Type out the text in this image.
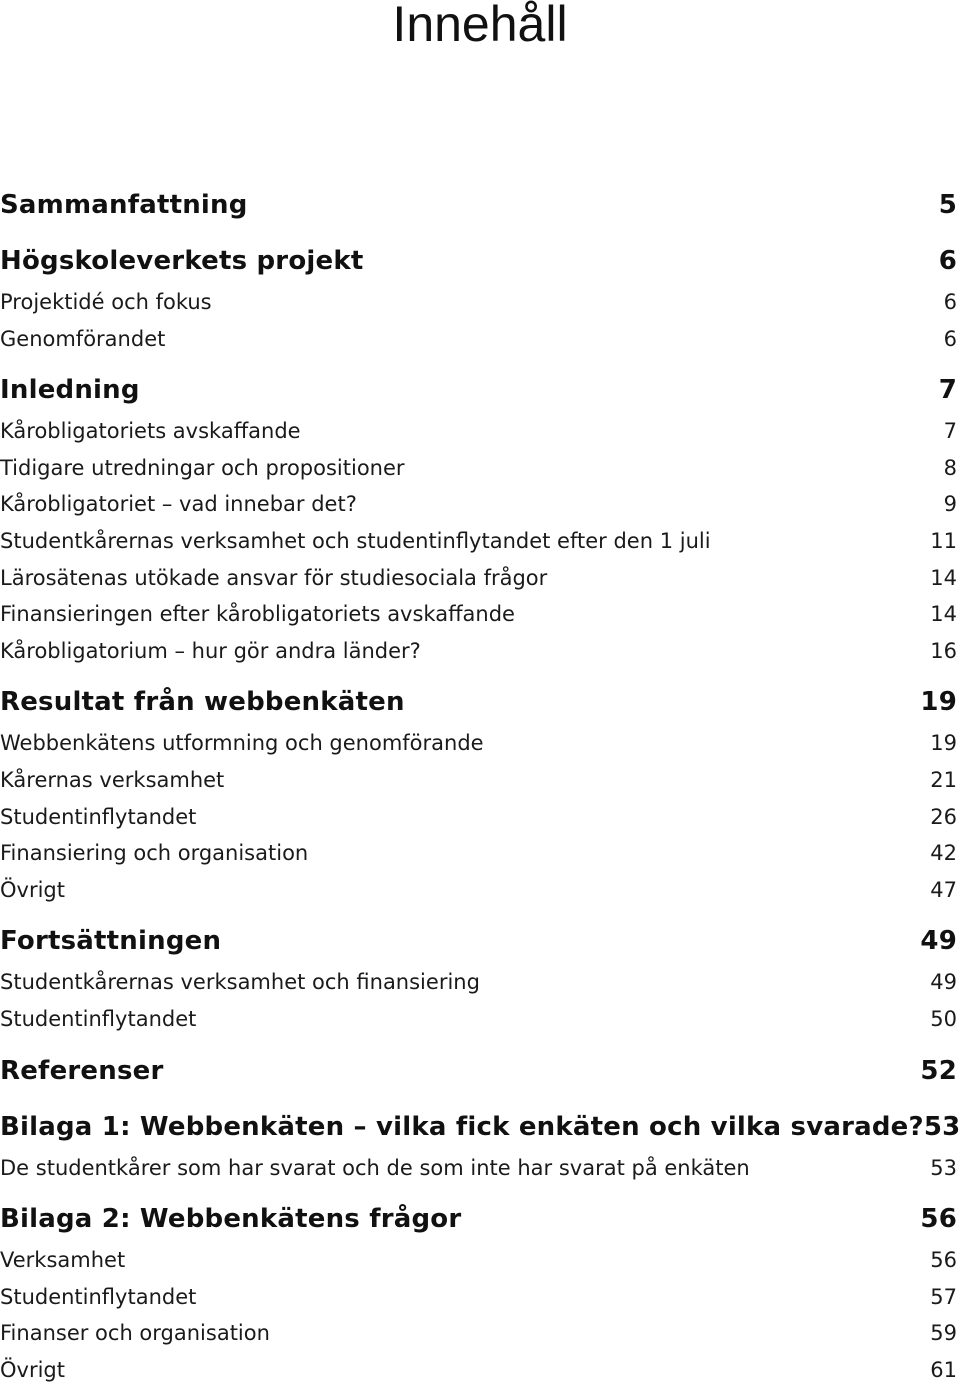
Innehåll
Sammanfattning	5
Högskoleverkets projekt	6
Projektidé och fokus	6
Genomförandet	6
Inledning	7
Kårobligatoriets avskaffande	7
Tidigare utredningar och propositioner	8
Kårobligatoriet – vad innebar det?	9
Studentkårernas verksamhet och studentinflytandet efter den 1 juli	11
Lärosätenas utökade ansvar för studiesociala frågor	14
Finansieringen efter kårobligatoriets avskaffande	14
Kårobligatorium – hur gör andra länder?	16
Resultat från webbenkäten	19
Webbenkätens utformning och genomförande	19
Kårernas verksamhet	21
Studentinflytandet	26
Finansiering och organisation	42
Övrigt	47
Fortsättningen	49
Studentkårernas verksamhet och finansiering	49
Studentinflytandet	50
Referenser	52
Bilaga 1: Webbenkäten – vilka fick enkäten och vilka svarade? 53
De studentkårer som har svarat och de som inte har svarat på enkäten	53
Bilaga 2: Webbenkätens frågor	56
Verksamhet	56
Studentinflytandet	57
Finanser och organisation	59
Övrigt	61
